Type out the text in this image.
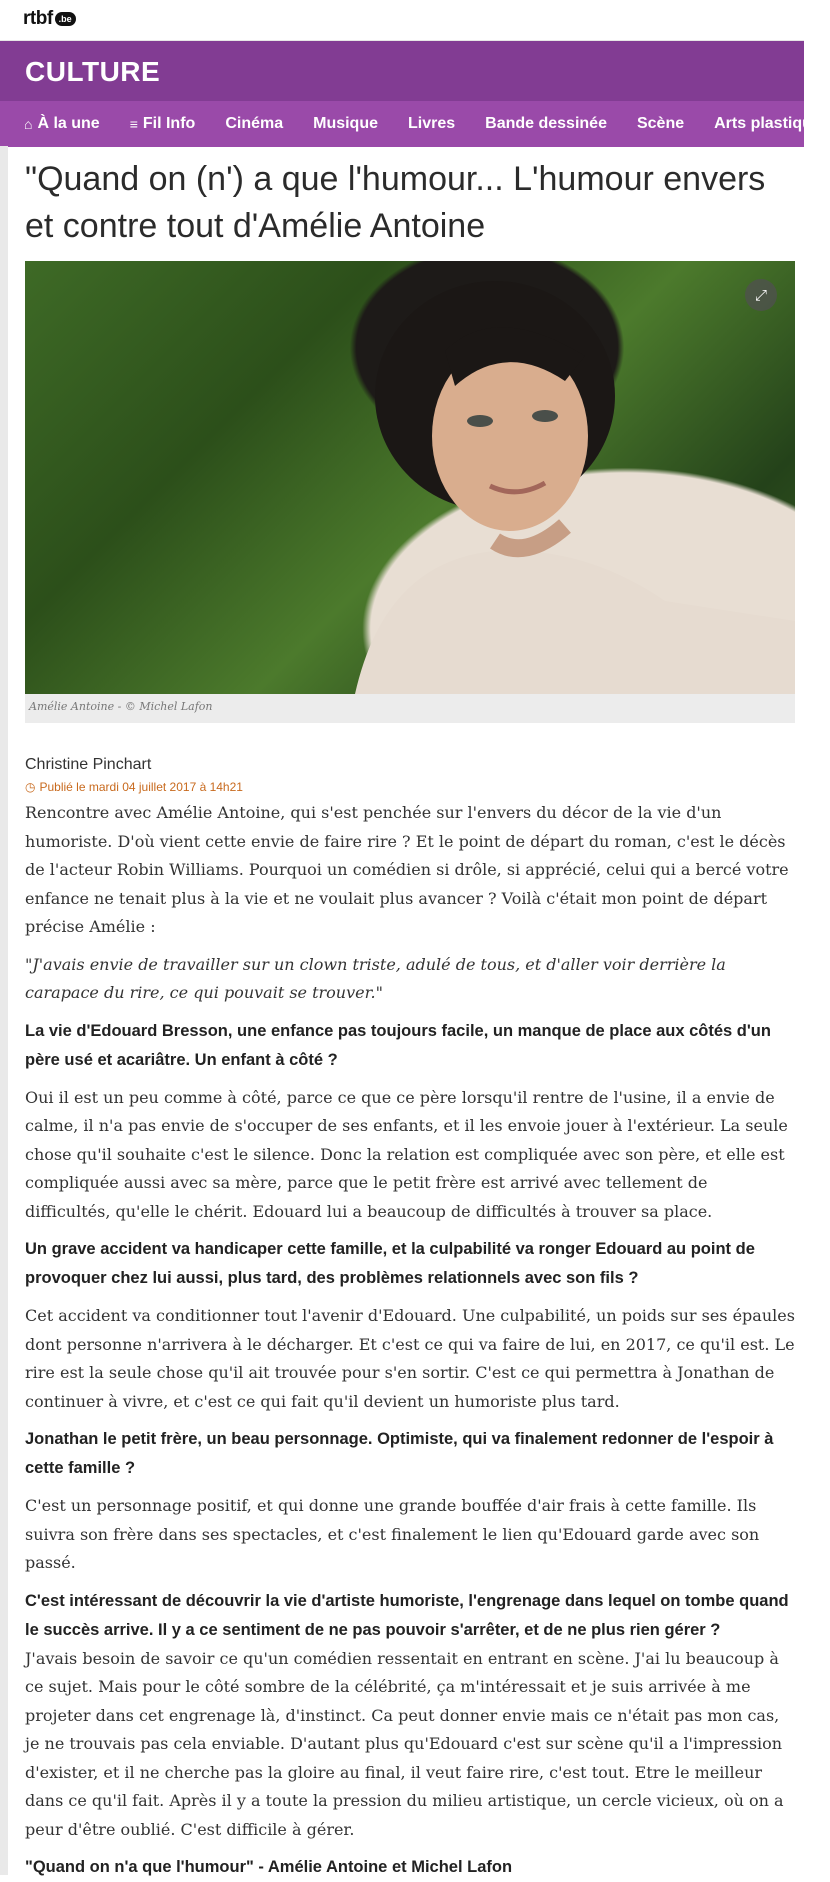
rtbf .be
CULTURE
⌂ À la une ≡ Fil Info Cinéma Musique Livres Bande dessinée Scène Arts plastiques
"Quand on (n') a que l'humour... L'humour envers et contre tout d'Amélie Antoine
⤢
Amélie Antoine - © Michel Lafon
Christine Pinchart
◷ Publié le mardi 04 juillet 2017 à 14h21

Rencontre avec Amélie Antoine, qui s'est penchée sur l'envers du décor de la vie d'un humoriste. D'où vient cette envie de faire rire ? Et le point de départ du roman, c'est le décès de l'acteur Robin Williams. Pourquoi un comédien si drôle, si apprécié, celui qui a bercé votre enfance ne tenait plus à la vie et ne voulait plus avancer ? Voilà c'était mon point de départ précise Amélie :

"J'avais envie de travailler sur un clown triste, adulé de tous, et d'aller voir derrière la carapace du rire, ce qui pouvait se trouver."

La vie d'Edouard Bresson, une enfance pas toujours facile, un manque de place aux côtés d'un père usé et acariâtre. Un enfant à côté ?

Oui il est un peu comme à côté, parce ce que ce père lorsqu'il rentre de l'usine, il a envie de calme, il n'a pas envie de s'occuper de ses enfants, et il les envoie jouer à l'extérieur. La seule chose qu'il souhaite c'est le silence. Donc la relation est compliquée avec son père, et elle est compliquée aussi avec sa mère, parce que le petit frère est arrivé avec tellement de difficultés, qu'elle le chérit. Edouard lui a beaucoup de difficultés à trouver sa place.

Un grave accident va handicaper cette famille, et la culpabilité va ronger Edouard au point de provoquer chez lui aussi, plus tard, des problèmes relationnels avec son fils ?

Cet accident va conditionner tout l'avenir d'Edouard. Une culpabilité, un poids sur ses épaules dont personne n'arrivera à le décharger. Et c'est ce qui va faire de lui, en 2017, ce qu'il est. Le rire est la seule chose qu'il ait trouvée pour s'en sortir. C'est ce qui permettra à Jonathan de continuer à vivre, et c'est ce qui fait qu'il devient un humoriste plus tard.

Jonathan le petit frère, un beau personnage. Optimiste, qui va finalement redonner de l'espoir à cette famille ?

C'est un personnage positif, et qui donne une grande bouffée d'air frais à cette famille. Ils suivra son frère dans ses spectacles, et c'est finalement le lien qu'Edouard garde avec son passé.

C'est intéressant de découvrir la vie d'artiste humoriste, l'engrenage dans lequel on tombe quand le succès arrive. Il y a ce sentiment de ne pas pouvoir s'arrêter, et de ne plus rien gérer ?

J'avais besoin de savoir ce qu'un comédien ressentait en entrant en scène. J'ai lu beaucoup à ce sujet. Mais pour le côté sombre de la célébrité, ça m'intéressait et je suis arrivée à me projeter dans cet engrenage là, d'instinct. Ca peut donner envie mais ce n'était pas mon cas, je ne trouvais pas cela enviable. D'autant plus qu'Edouard c'est sur scène qu'il a l'impression d'exister, et il ne cherche pas la gloire au final, il veut faire rire, c'est tout. Etre le meilleur dans ce qu'il fait. Après il y a toute la pression du milieu artistique, un cercle vicieux, où on a peur d'être oublié. C'est difficile à gérer.

"Quand on n'a que l'humour" - Amélie Antoine et Michel Lafon
